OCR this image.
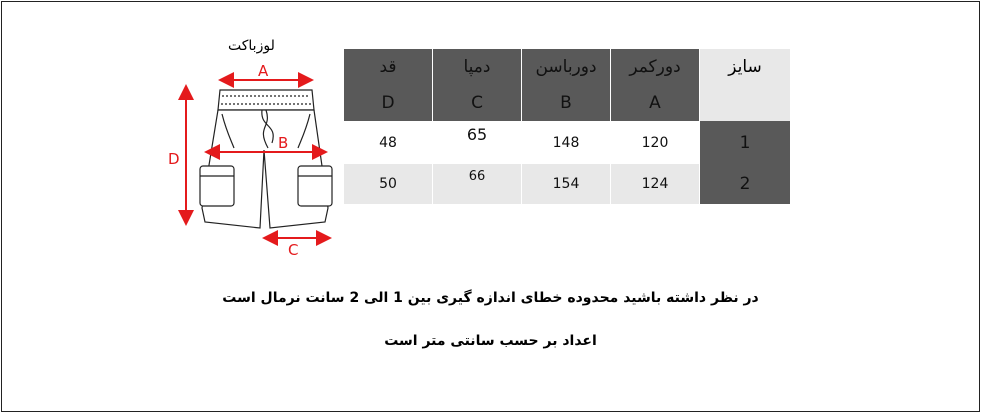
لوزباکت
A
B
C
D
قد	دمپا	دورباسن	دورکمر	سایز
D	C	B	A	
48	65	148	120	1
50	66	154	124	2
در نظر داشته باشید محدوده خطای اندازه گیری بین 1 الی 2 سانت نرمال است
اعداد بر حسب سانتی متر است
